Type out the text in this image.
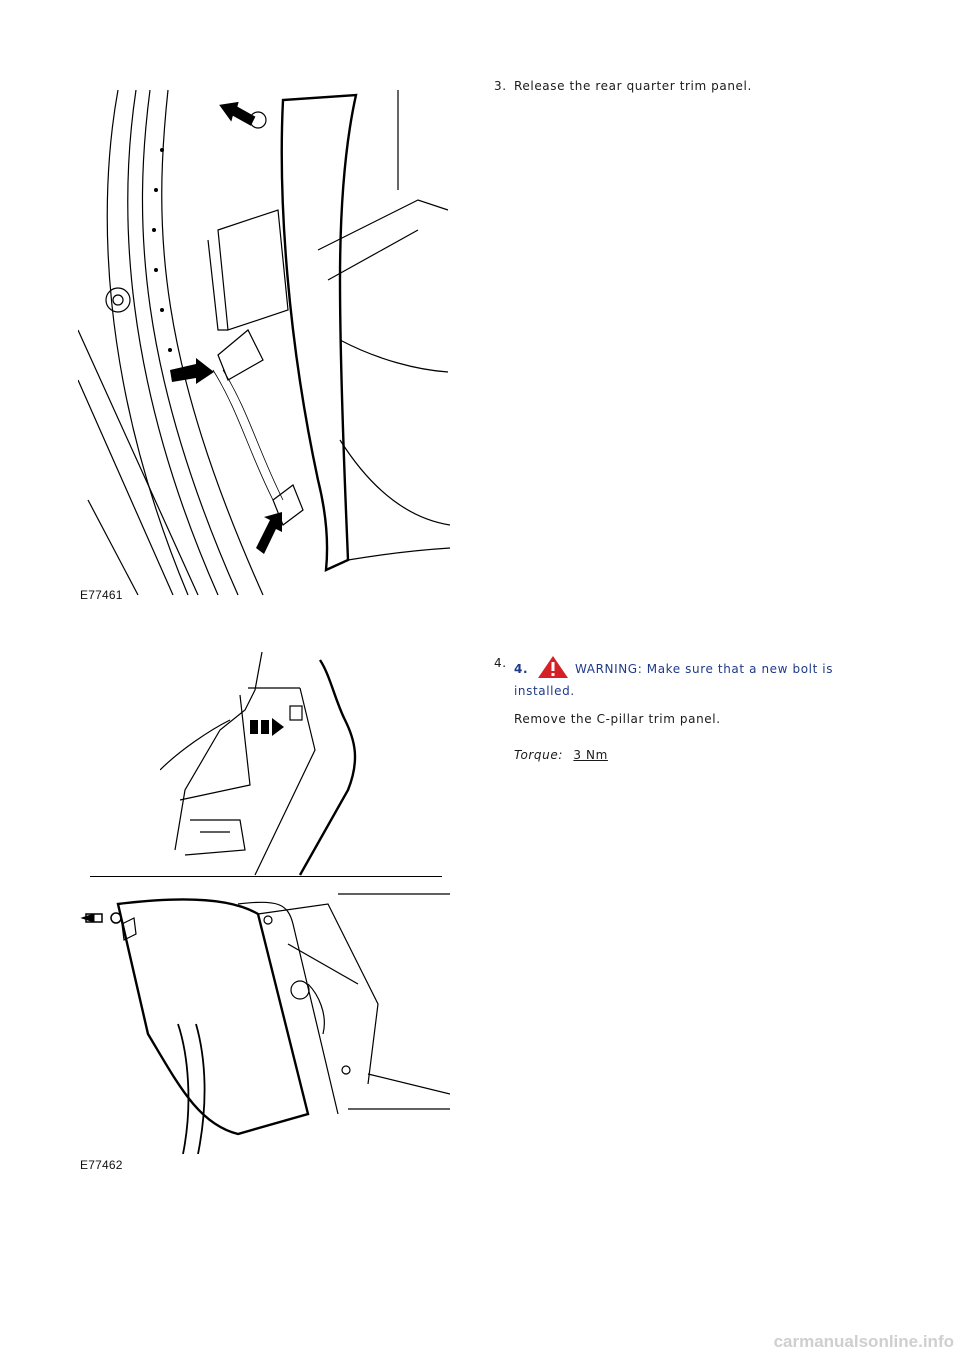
E77461
3. Release the rear quarter trim panel.
E77462
4. 4.	WARNING: Make sure that a new bolt is installed.
Remove the C-pillar trim panel.
Torque: 3 Nm
carmanualsonline.info
